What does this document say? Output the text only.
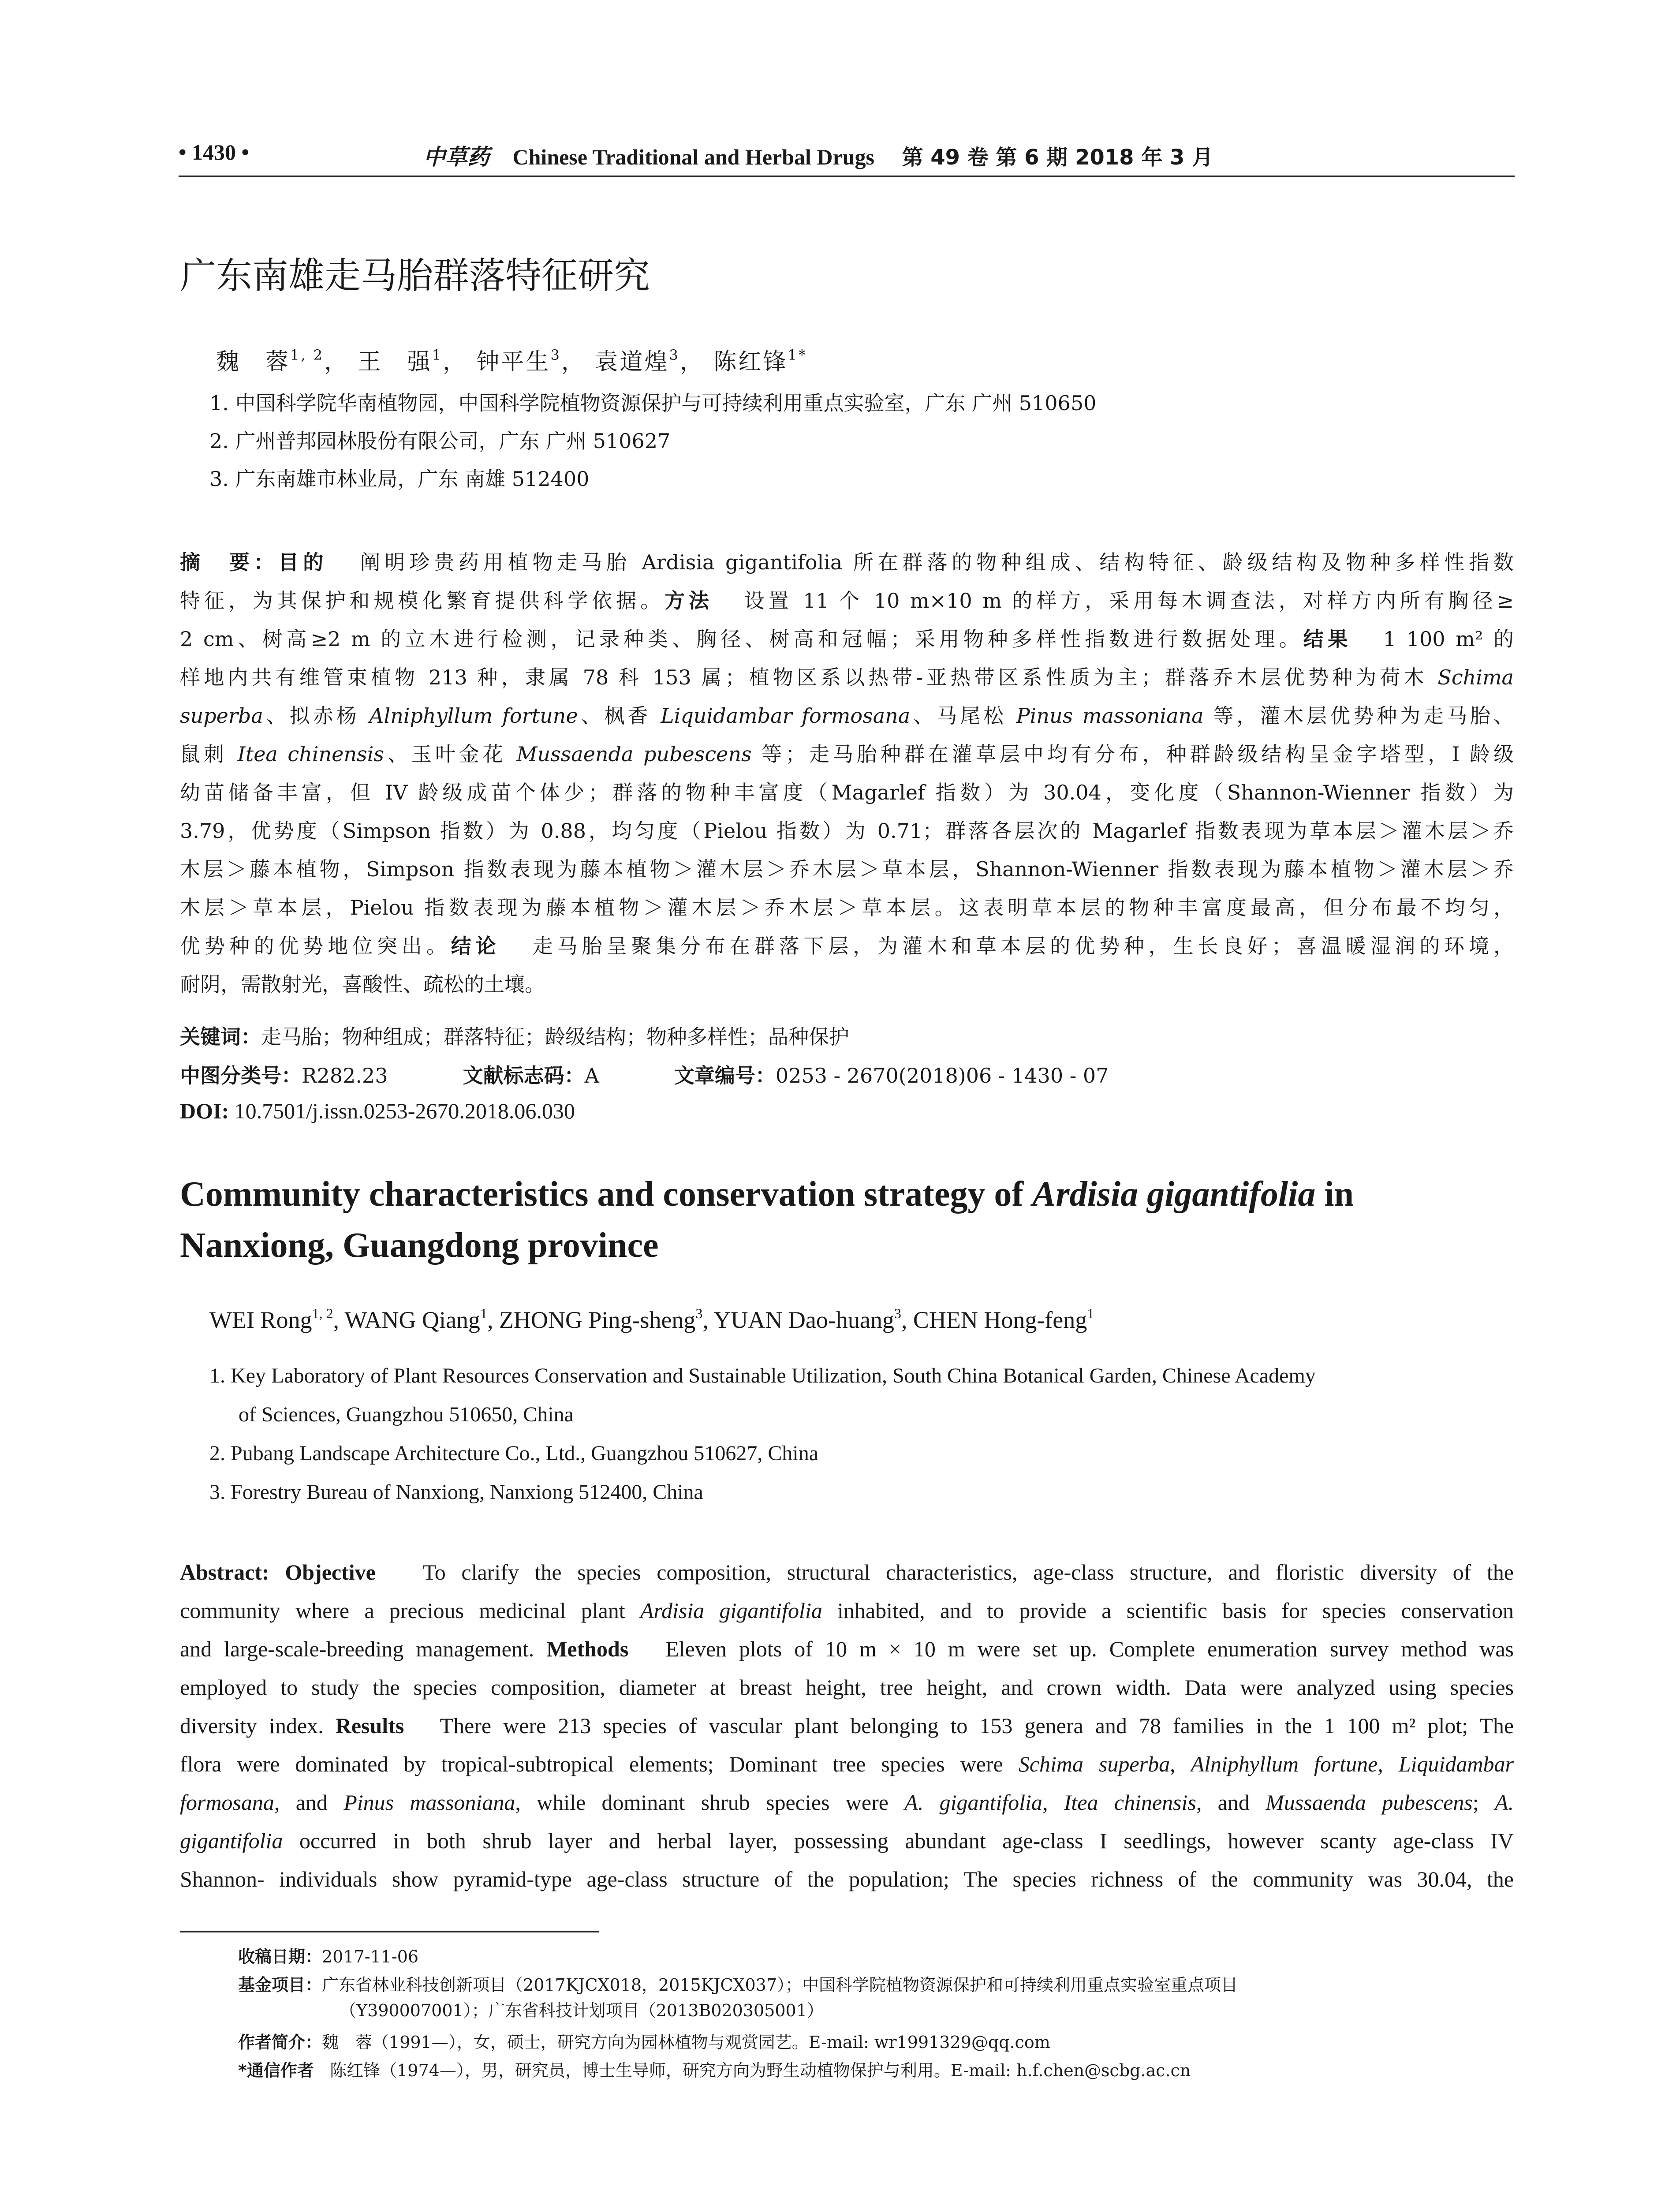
• 1430 •	中草药 Chinese Traditional and Herbal Drugs 第 49 卷 第 6 期 2018 年 3 月
广东南雄走马胎群落特征研究
魏　蓉$^{1, 2}$， 王　强$^1$， 钟平生$^3$， 袁道煌$^3$， 陈红锋$^{1*}$
1. 中国科学院华南植物园，中国科学院植物资源保护与可持续利用重点实验室，广东 广州 510650
2. 广州普邦园林股份有限公司，广东 广州 510627
3. 广东南雄市林业局，广东 南雄 512400
摘　要：目的 阐明珍贵药用植物走马胎 Ardisia gigantifolia 所在群落的物种组成、结构特征、龄级结构及物种多样性指数
特征，为其保护和规模化繁育提供科学依据。方法 设置 11 个 10 m×10 m 的样方，采用每木调查法，对样方内所有胸径≥
2 cm、树高≥2 m 的立木进行检测，记录种类、胸径、树高和冠幅；采用物种多样性指数进行数据处理。结果 1 100 m² 的
样地内共有维管束植物 213 种，隶属 78 科 153 属；植物区系以热带-亚热带区系性质为主；群落乔木层优势种为荷木 Schima
superba、拟赤杨 Alniphyllum fortune、枫香 Liquidambar formosana、马尾松 Pinus massoniana 等，灌木层优势种为走马胎、
鼠刺 Itea chinensis、玉叶金花 Mussaenda pubescens 等；走马胎种群在灌草层中均有分布，种群龄级结构呈金字塔型，I 龄级
幼苗储备丰富，但 IV 龄级成苗个体少；群落的物种丰富度（Magarlef 指数）为 30.04，变化度（Shannon-Wienner 指数）为
3.79，优势度（Simpson 指数）为 0.88，均匀度（Pielou 指数）为 0.71；群落各层次的 Magarlef 指数表现为草本层＞灌木层＞乔
木层＞藤本植物，Simpson 指数表现为藤本植物＞灌木层＞乔木层＞草本层，Shannon-Wienner 指数表现为藤本植物＞灌木层＞乔
木层＞草本层，Pielou 指数表现为藤本植物＞灌木层＞乔木层＞草本层。这表明草本层的物种丰富度最高，但分布最不均匀，
优势种的优势地位突出。结论 走马胎呈聚集分布在群落下层，为灌木和草本层的优势种，生长良好；喜温暖湿润的环境，
耐阴，需散射光，喜酸性、疏松的土壤。
关键词：走马胎；物种组成；群落特征；龄级结构；物种多样性；品种保护
中图分类号：R282.23	文献标志码：A	文章编号：0253 - 2670(2018)06 - 1430 - 07
DOI: 10.7501/j.issn.0253-2670.2018.06.030
Community characteristics and conservation strategy of Ardisia gigantifolia in
Nanxiong, Guangdong province
WEI Rong$^{1, 2}$, WANG Qiang$^1$, ZHONG Ping-sheng$^3$, YUAN Dao-huang$^3$, CHEN Hong-feng$^1$
1. Key Laboratory of Plant Resources Conservation and Sustainable Utilization, South China Botanical Garden, Chinese Academy
of Sciences, Guangzhou 510650, China
2. Pubang Landscape Architecture Co., Ltd., Guangzhou 510627, China
3. Forestry Bureau of Nanxiong, Nanxiong 512400, China
Abstract: Objective To clarify the species composition, structural characteristics, age-class structure, and floristic diversity of the
community where a precious medicinal plant Ardisia gigantifolia inhabited, and to provide a scientific basis for species conservation
and large-scale-breeding management. Methods Eleven plots of 10 m × 10 m were set up. Complete enumeration survey method was
employed to study the species composition, diameter at breast height, tree height, and crown width. Data were analyzed using species
diversity index. Results There were 213 species of vascular plant belonging to 153 genera and 78 families in the 1 100 m² plot; The
flora were dominated by tropical-subtropical elements; Dominant tree species were Schima superba, Alniphyllum fortune, Liquidambar
formosana, and Pinus massoniana, while dominant shrub species were A. gigantifolia, Itea chinensis, and Mussaenda pubescens; A.
gigantifolia occurred in both shrub layer and herbal layer, possessing abundant age-class I seedlings, however scanty age-class IV
Shannon- individuals show pyramid-type age-class structure of the population; The species richness of the community was 30.04, the
收稿日期：2017-11-06
基金项目：广东省林业科技创新项目（2017KJCX018，2015KJCX037）；中国科学院植物资源保护和可持续利用重点实验室重点项目
（Y390007001）；广东省科技计划项目（2013B020305001）
作者简介：魏　蓉（1991—），女，硕士，研究方向为园林植物与观赏园艺。E-mail: wr1991329@qq.com
*通信作者 陈红锋（1974—），男，研究员，博士生导师，研究方向为野生动植物保护与利用。E-mail: h.f.chen@scbg.ac.cn
